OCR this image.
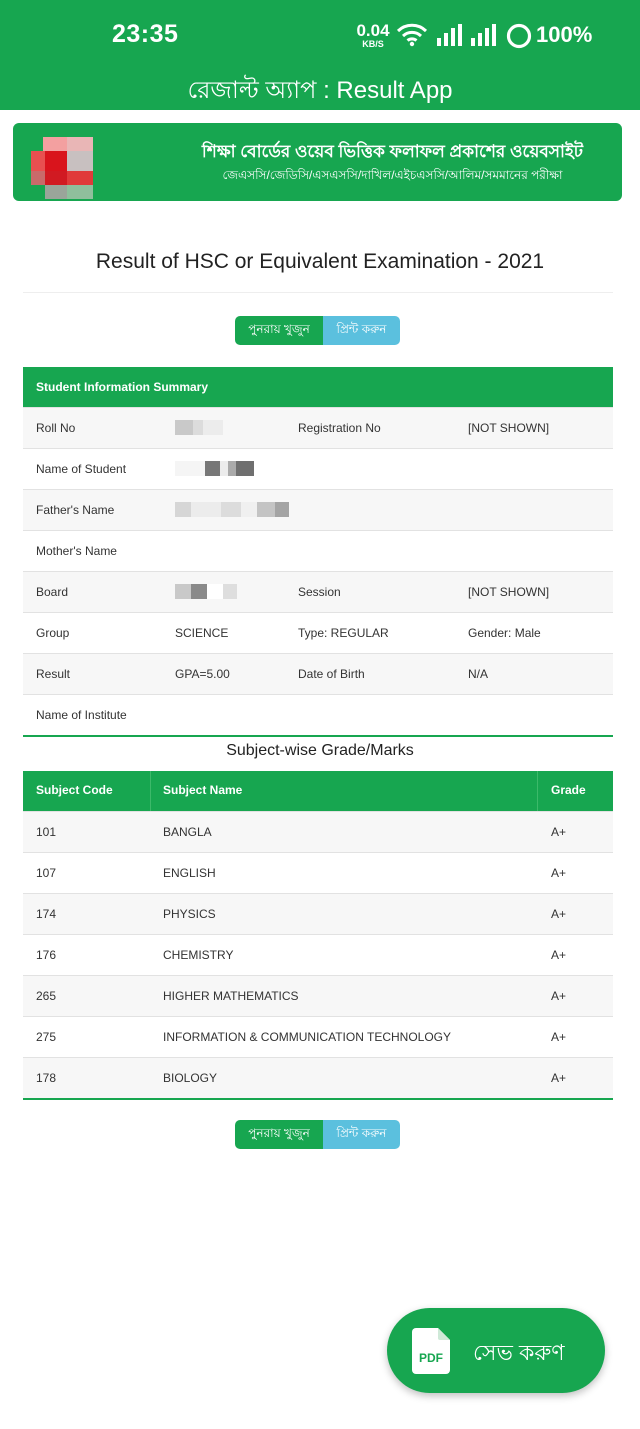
23:35	0.04
KB/S	100%
রেজাল্ট অ্যাপ : Result App
শিক্ষা বোর্ডের ওয়েব ভিত্তিক ফলাফল প্রকাশের ওয়েবসাইট
জেএসসি/জেডিসি/এসএসসি/দাখিল/এইচএসসি/আলিম/সমমানের পরীক্ষা
Result of HSC or Equivalent Examination - 2021
পুনরায় খুজুন	প্রিন্ট করুন
Student Information Summary
Roll No	Registration No	[NOT SHOWN]
Name of Student
Father's Name
Mother's Name
Board	Session	[NOT SHOWN]
Group	SCIENCE	Type: REGULAR	Gender: Male
Result	GPA=5.00	Date of Birth	N/A
Name of Institute
Subject-wise Grade/Marks
Subject Code	Subject Name	Grade
101	BANGLA	A+
107	ENGLISH	A+
174	PHYSICS	A+
176	CHEMISTRY	A+
265	HIGHER MATHEMATICS	A+
275	INFORMATION & COMMUNICATION TECHNOLOGY	A+
178	BIOLOGY	A+
পুনরায় খুজুন	প্রিন্ট করুন
PDF সেভ করুণ
